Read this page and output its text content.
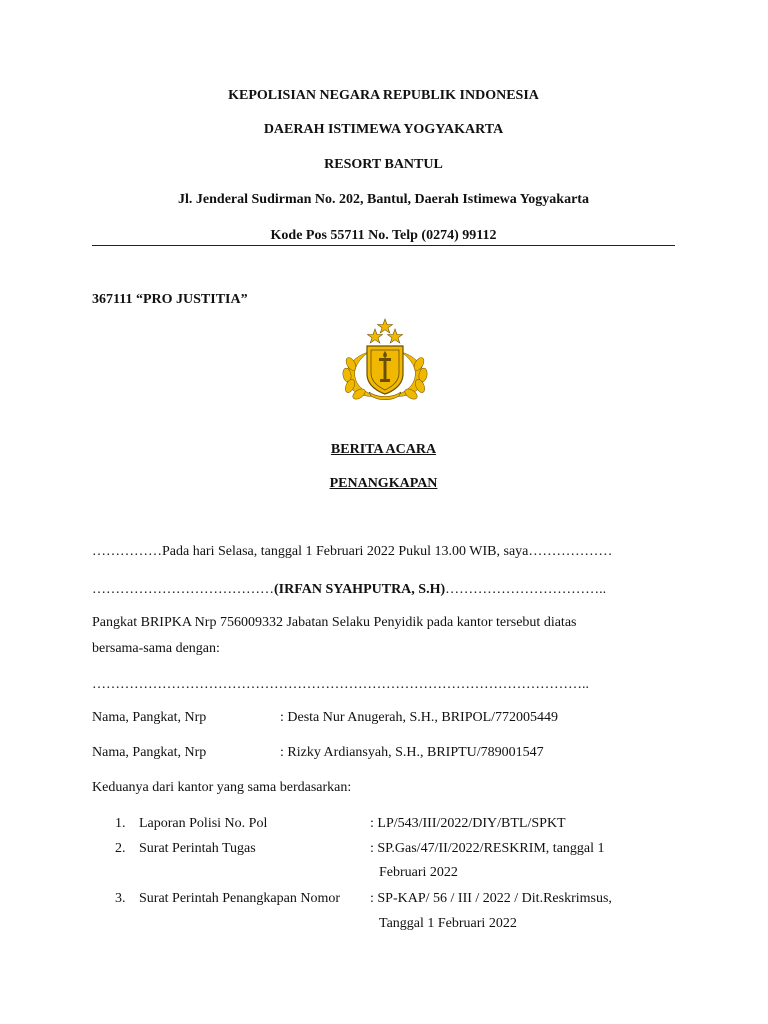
KEPOLISIAN NEGARA REPUBLIK INDONESIA
DAERAH ISTIMEWA YOGYAKARTA
RESORT BANTUL
Jl. Jenderal Sudirman No. 202, Bantul, Daerah Istimewa Yogyakarta
Kode Pos 55711 No. Telp (0274) 99112
367111 “PRO JUSTITIA”
BERITA ACARA
PENANGKAPAN
……………Pada hari Selasa, tanggal 1 Februari 2022 Pukul 13.00 WIB, saya………………
…………………………………(IRFAN SYAHPUTRA, S.H)……………………………..
Pangkat BRIPKA Nrp 756009332 Jabatan Selaku Penyidik pada kantor tersebut diatas
bersama-sama dengan:
……………………………………………………………………………………………..
Nama, Pangkat, Nrp	: Desta Nur Anugerah, S.H., BRIPOL/772005449
Nama, Pangkat, Nrp	: Rizky Ardiansyah, S.H., BRIPTU/789001547
Keduanya dari kantor yang sama berdasarkan:
1. Laporan Polisi No. Pol	: LP/543/III/2022/DIY/BTL/SPKT
2. Surat Perintah Tugas	: SP.Gas/47/II/2022/RESKRIM, tanggal 1
Februari 2022
3. Surat Perintah Penangkapan Nomor : SP-KAP/ 56 / III / 2022 / Dit.Reskrimsus,
Tanggal 1 Februari 2022
